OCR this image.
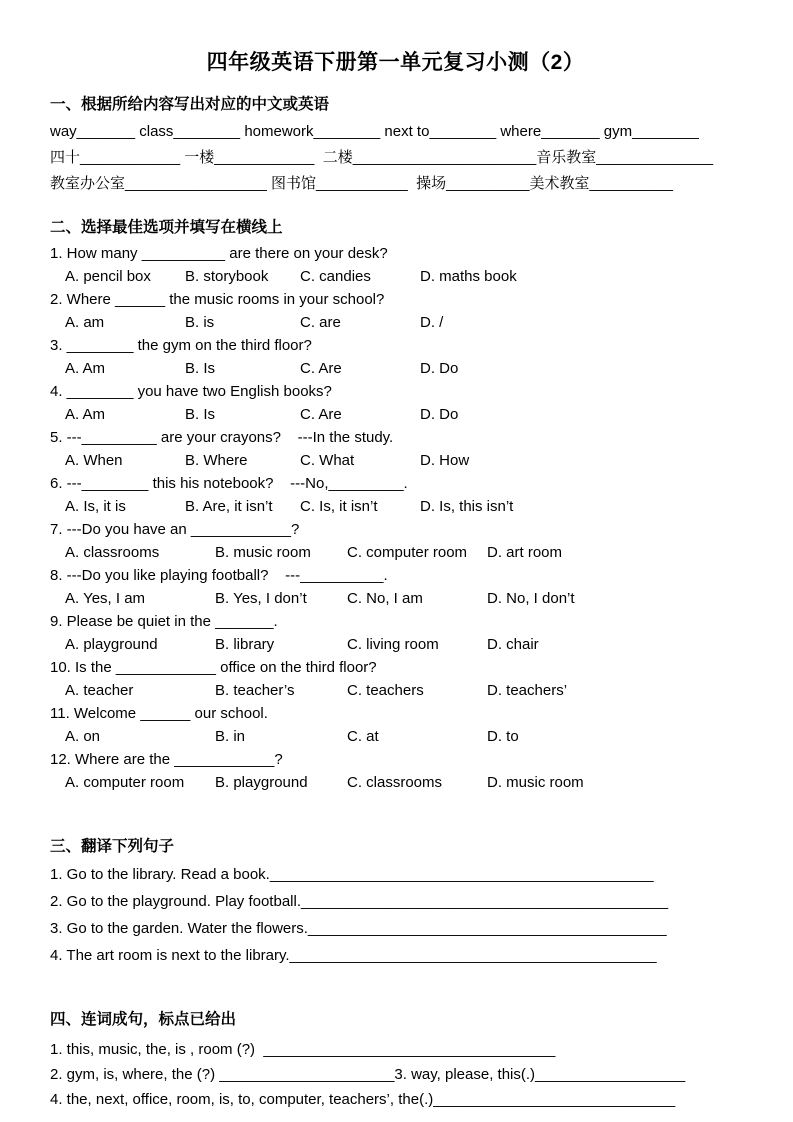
四年级英语下册第一单元复习小测（2）
一、根据所给内容写出对应的中文或英语
way_______ class________ homework________ next to________ where_______ gym________
四十____________ 一楼____________  二楼______________________音乐教室______________
教室办公室_________________ 图书馆___________  操场__________美术教室__________
二、选择最佳选项并填写在横线上
1. How many __________ are there on your desk?
A. pencil box	B. storybook	C. candies	D. maths book
2. Where ______ the music rooms in your school?
A. am	B. is	C. are	D. /
3. ________ the gym on the third floor?
A. Am	B. Is	C. Are	D. Do
4. ________ you have two English books?
A. Am	B. Is	C. Are	D. Do
5. ---_________ are your crayons?    ---In the study.
A. When	B. Where	C. What	D. How
6. ---________ this his notebook?    ---No,_________.
A. Is, it is	B. Are, it isn’t	C. Is, it isn’t	D. Is, this isn’t
7. ---Do you have an ____________?
A. classrooms	B. music room	C. computer room	D. art room
8. ---Do you like playing football?    ---__________.
A. Yes, I am	B. Yes, I don’t	C. No, I am	D. No, I don’t
9. Please be quiet in the _______.
A. playground	B. library	C. living room	D. chair
10. Is the ____________ office on the third floor?
A. teacher	B. teacher’s	C. teachers	D. teachers’
11. Welcome ______ our school.
A. on	B. in	C. at	D. to
12. Where are the ____________?
A. computer room	B. playground	C. classrooms	D. music room
三、翻译下列句子
1. Go to the library. Read a book.______________________________________________
2. Go to the playground. Play football.____________________________________________
3. Go to the garden. Water the flowers.___________________________________________
4. The art room is next to the library.____________________________________________
四、连词成句，标点已给出
1. this, music, the, is , room (?)  ___________________________________
2. gym, is, where, the (?) _____________________3. way, please, this(.)__________________
4. the, next, office, room, is, to, computer, teachers’, the(.)_____________________________
